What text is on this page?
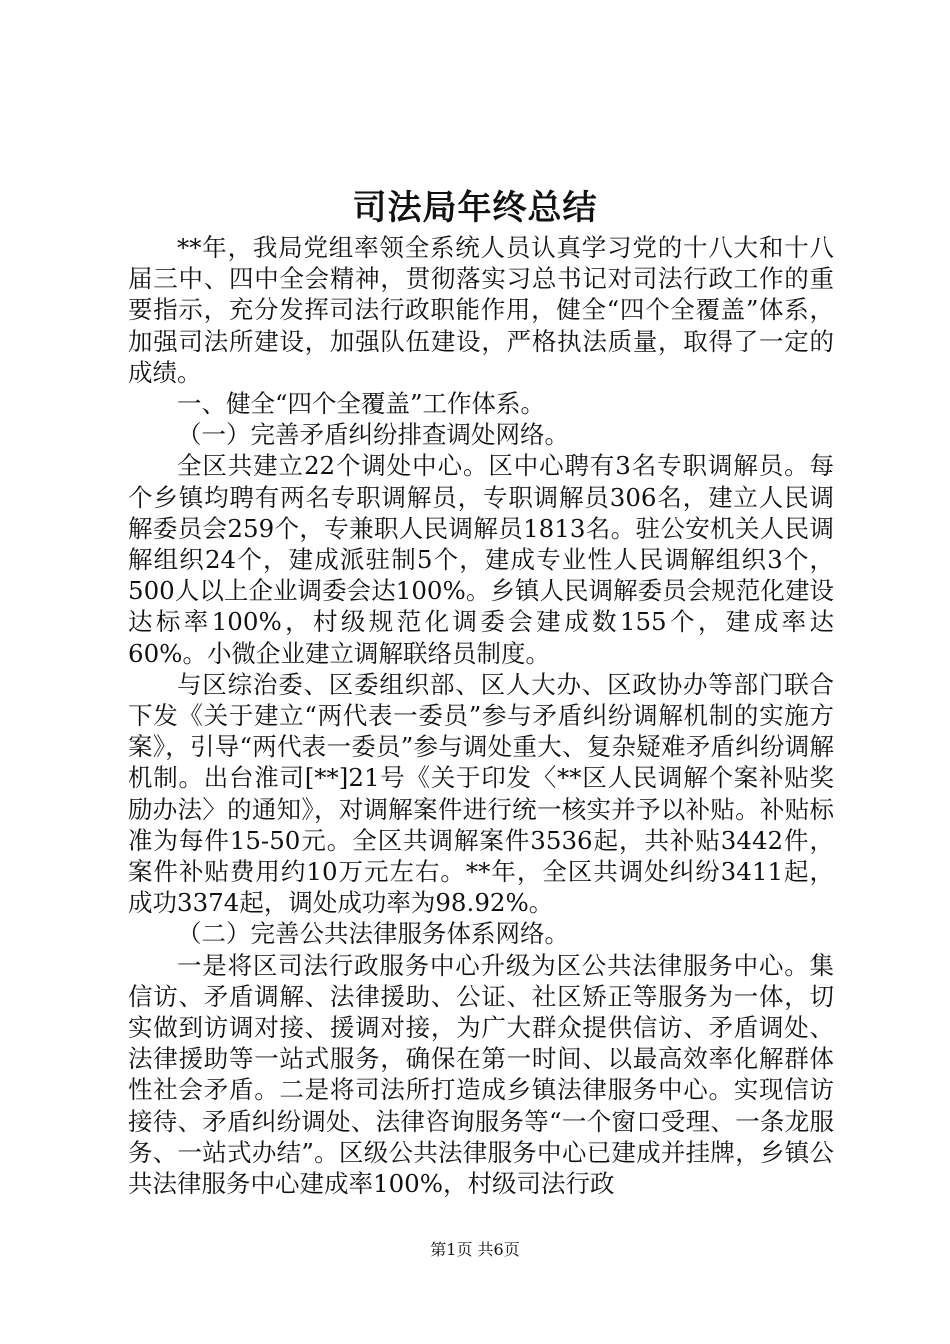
司法局年终总结

**年，我局党组率领全系统人员认真学习党的十八大和十八届三中、四中全会精神，贯彻落实习总书记对司法行政工作的重要指示，充分发挥司法行政职能作用，健全“四个全覆盖”体系，加强司法所建设，加强队伍建设，严格执法质量，取得了一定的成绩。

一、健全“四个全覆盖”工作体系。

（一）完善矛盾纠纷排查调处网络。

全区共建立22个调处中心。区中心聘有3名专职调解员。每个乡镇均聘有两名专职调解员，专职调解员306名，建立人民调解委员会259个，专兼职人民调解员1813名。驻公安机关人民调解组织24个，建成派驻制5个，建成专业性人民调解组织3个，500人以上企业调委会达100%。乡镇人民调解委员会规范化建设达标率100%，村级规范化调委会建成数155个，建成率达60%。小微企业建立调解联络员制度。

与区综治委、区委组织部、区人大办、区政协办等部门联合下发《关于建立“两代表一委员”参与矛盾纠纷调解机制的实施方案》，引导“两代表一委员”参与调处重大、复杂疑难矛盾纠纷调解机制。出台淮司[**]21号《关于印发〈**区人民调解个案补贴奖励办法〉的通知》，对调解案件进行统一核实并予以补贴。补贴标准为每件15-50元。全区共调解案件3536起，共补贴3442件，案件补贴费用约10万元左右。**年，全区共调处纠纷3411起，成功3374起，调处成功率为98.92%。

（二）完善公共法律服务体系网络。

一是将区司法行政服务中心升级为区公共法律服务中心。集信访、矛盾调解、法律援助、公证、社区矫正等服务为一体，切实做到访调对接、援调对接，为广大群众提供信访、矛盾调处、法律援助等一站式服务，确保在第一时间、以最高效率化解群体性社会矛盾。二是将司法所打造成乡镇法律服务中心。实现信访接待、矛盾纠纷调处、法律咨询服务等“一个窗口受理、一条龙服务、一站式办结”。区级公共法律服务中心已建成并挂牌，乡镇公共法律服务中心建成率100%，村级司法行政

第1页 共6页
